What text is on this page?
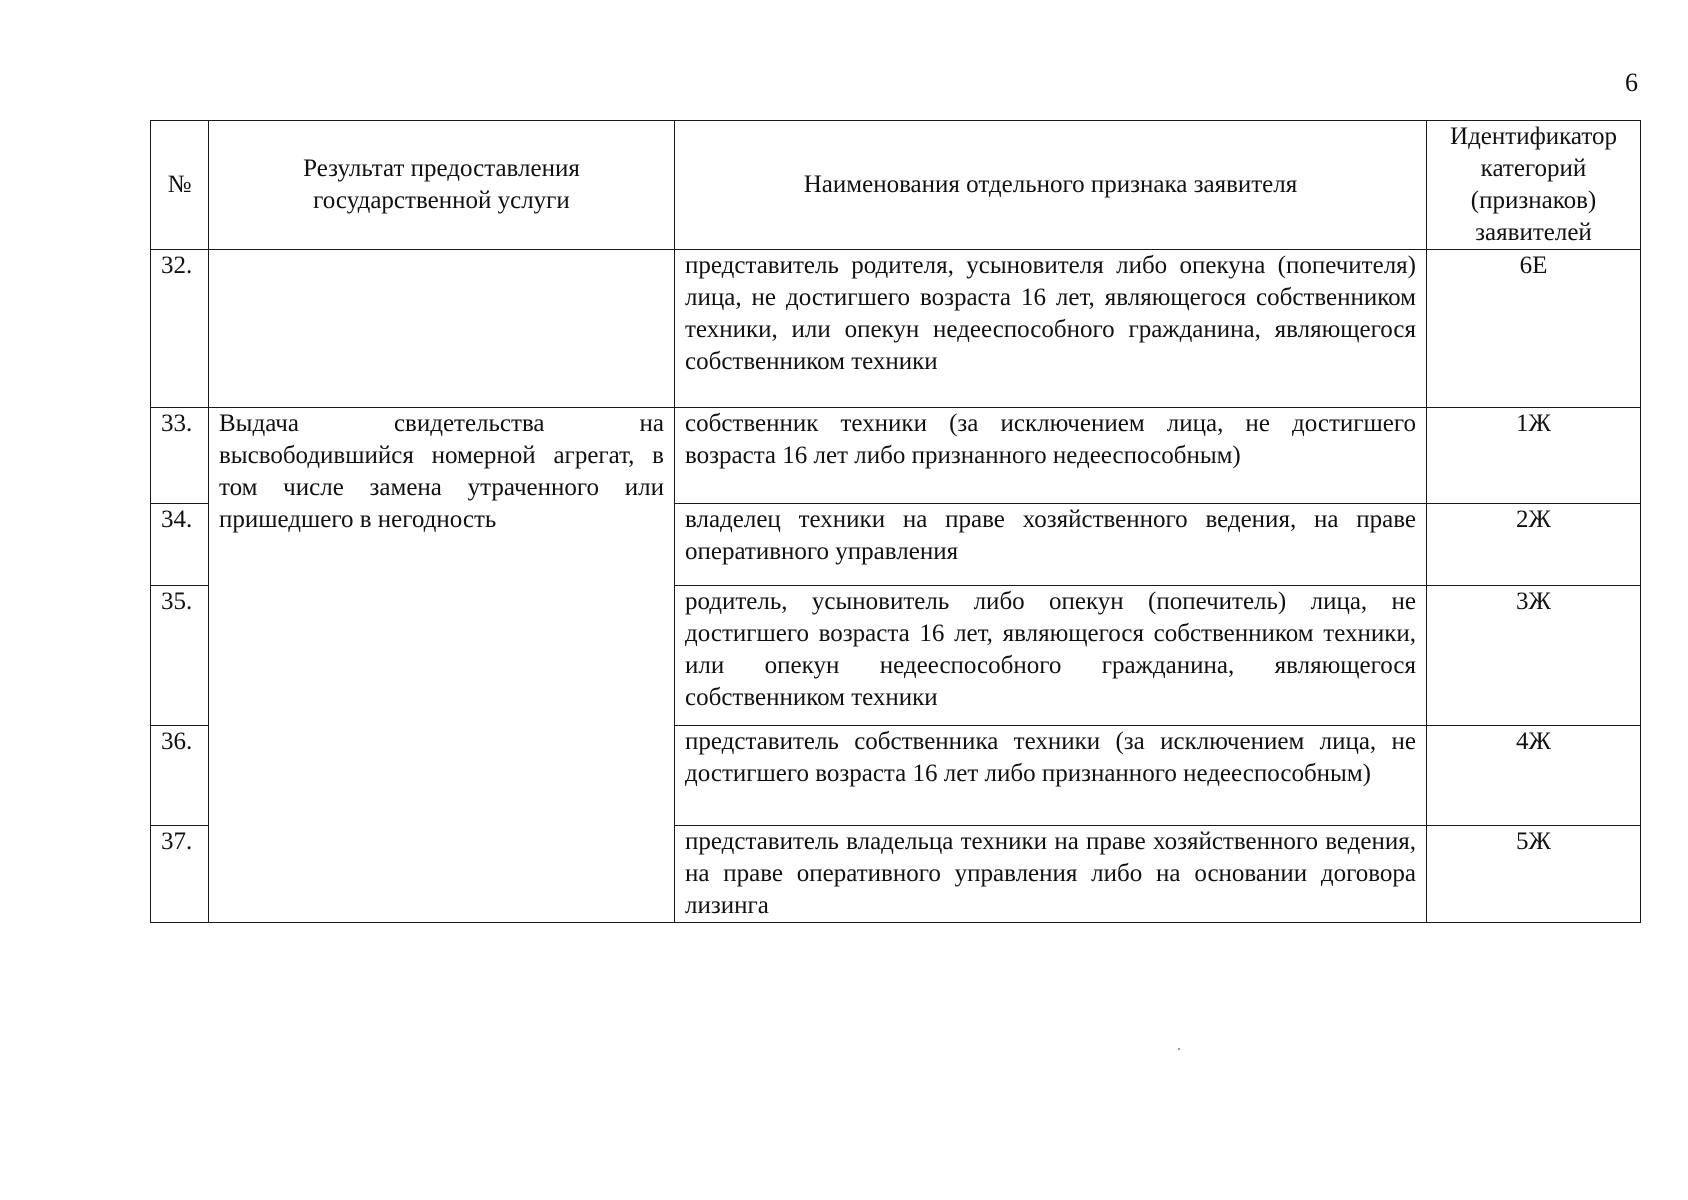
6
№	Результат предоставления государственной услуги	Наименования отдельного признака заявителя	Идентификатор категорий (признаков) заявителей
32.		представитель родителя, усыновителя либо опекуна (попечителя) лица, не достигшего возраста 16 лет, являющегося собственником техники, или опекун недееспособного гражданина, являющегося собственником техники	6Е
33.	Выдача свидетельства на высвободившийся номерной агрегат, в том числе замена утраченного или пришедшего в негодность	собственник техники (за исключением лица, не достигшего возраста 16 лет либо признанного недееспособным)	1Ж
34.		владелец техники на праве хозяйственного ведения, на праве оперативного управления	2Ж
35.		родитель, усыновитель либо опекун (попечитель) лица, не достигшего возраста 16 лет, являющегося собственником техники, или опекун недееспособного гражданина, являющегося собственником техники	3Ж
36.		представитель собственника техники (за исключением лица, не достигшего возраста 16 лет либо признанного недееспособным)	4Ж
37.		представитель владельца техники на праве хозяйственного ведения, на праве оперативного управления либо на основании договора лизинга	5Ж
